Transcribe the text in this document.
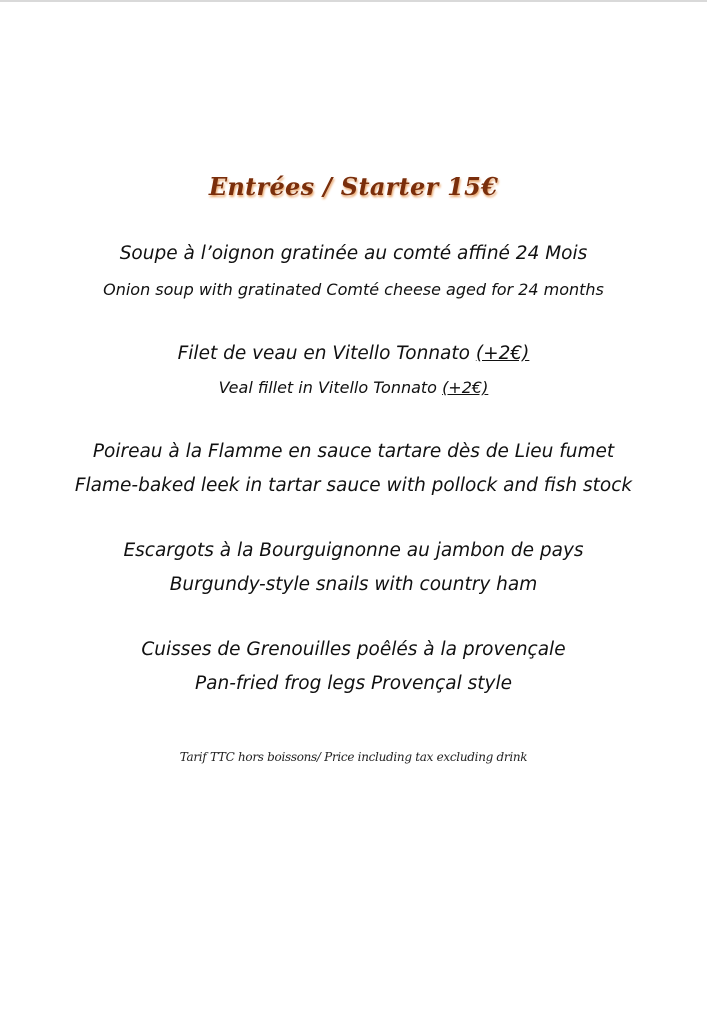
Entrées / Starter 15€
Soupe à l’oignon gratinée au comté affiné 24 Mois
Onion soup with gratinated Comté cheese aged for 24 months
Filet de veau en Vitello Tonnato (+2€)
Veal fillet in Vitello Tonnato (+2€)
Poireau à la Flamme en sauce tartare dès de Lieu fumet
Flame-baked leek in tartar sauce with pollock and fish stock
Escargots à la Bourguignonne au jambon de pays
Burgundy-style snails with country ham
Cuisses de Grenouilles poêlés à la provençale
Pan-fried frog legs Provençal style
Tarif TTC hors boissons/ Price including tax excluding drink
